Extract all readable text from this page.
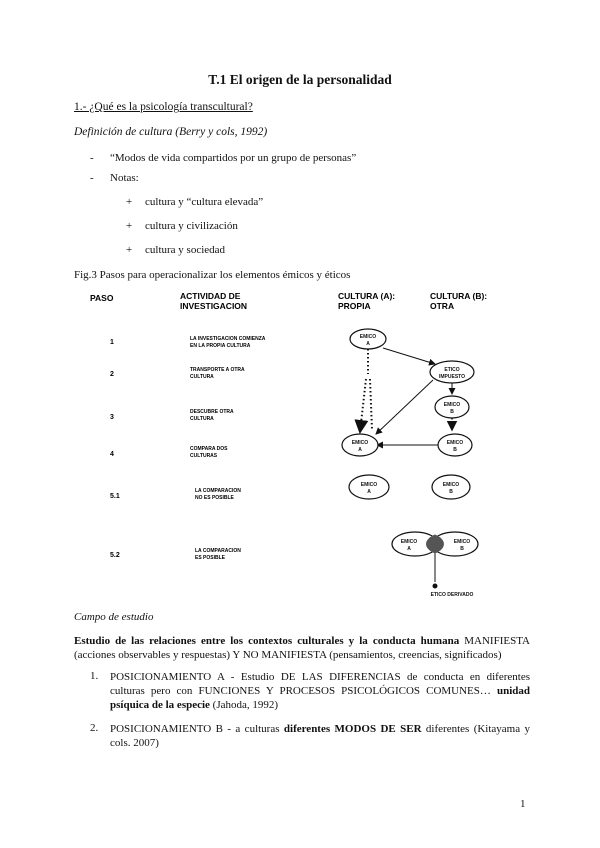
T.1 El origen de la personalidad
1.- ¿Qué es la psicología transcultural?
Definición de cultura (Berry y cols, 1992)
- “Modos de vida compartidos por un grupo de personas”
- Notas:
+ cultura y “cultura elevada”
+ cultura y civilización
+ cultura y sociedad
Fig.3 Pasos para operacionalizar los elementos émicos y éticos
PASO	ACTIVIDAD DE
INVESTIGACION
CULTURA (A):
PROPIA
CULTURA (B):
OTRA
1
2
3
4
5.1
5.2
LA INVESTIGACION COMIENZA
EN LA PROPIA CULTURA
TRANSPORTE A OTRA
CULTURA
DESCUBRE OTRA
CULTURA
COMPARA DOS
CULTURAS
LA COMPARACION
NO ES POSIBLE
LA COMPARACION
ES POSIBLE
EMICO
A
ETICO
IMPUESTO
EMICO
B
EMICO
A
EMICO
B
EMICO
A
EMICO
B
EMICO
A
EMICO
B
ETICO DERIVADO
Campo de estudio
Estudio de las relaciones entre los contextos culturales y la conducta humana MANIFIESTA (acciones observables y respuestas) Y NO MANIFIESTA (pensamientos, creencias, significados)
1. POSICIONAMIENTO A - Estudio DE LAS DIFERENCIAS de conducta en diferentes culturas pero con FUNCIONES Y PROCESOS PSICOLÓGICOS COMUNES… unidad psíquica de la especie (Jahoda, 1992)
2. POSICIONAMIENTO B - a culturas diferentes MODOS DE SER diferentes (Kitayama y cols. 2007)
1
